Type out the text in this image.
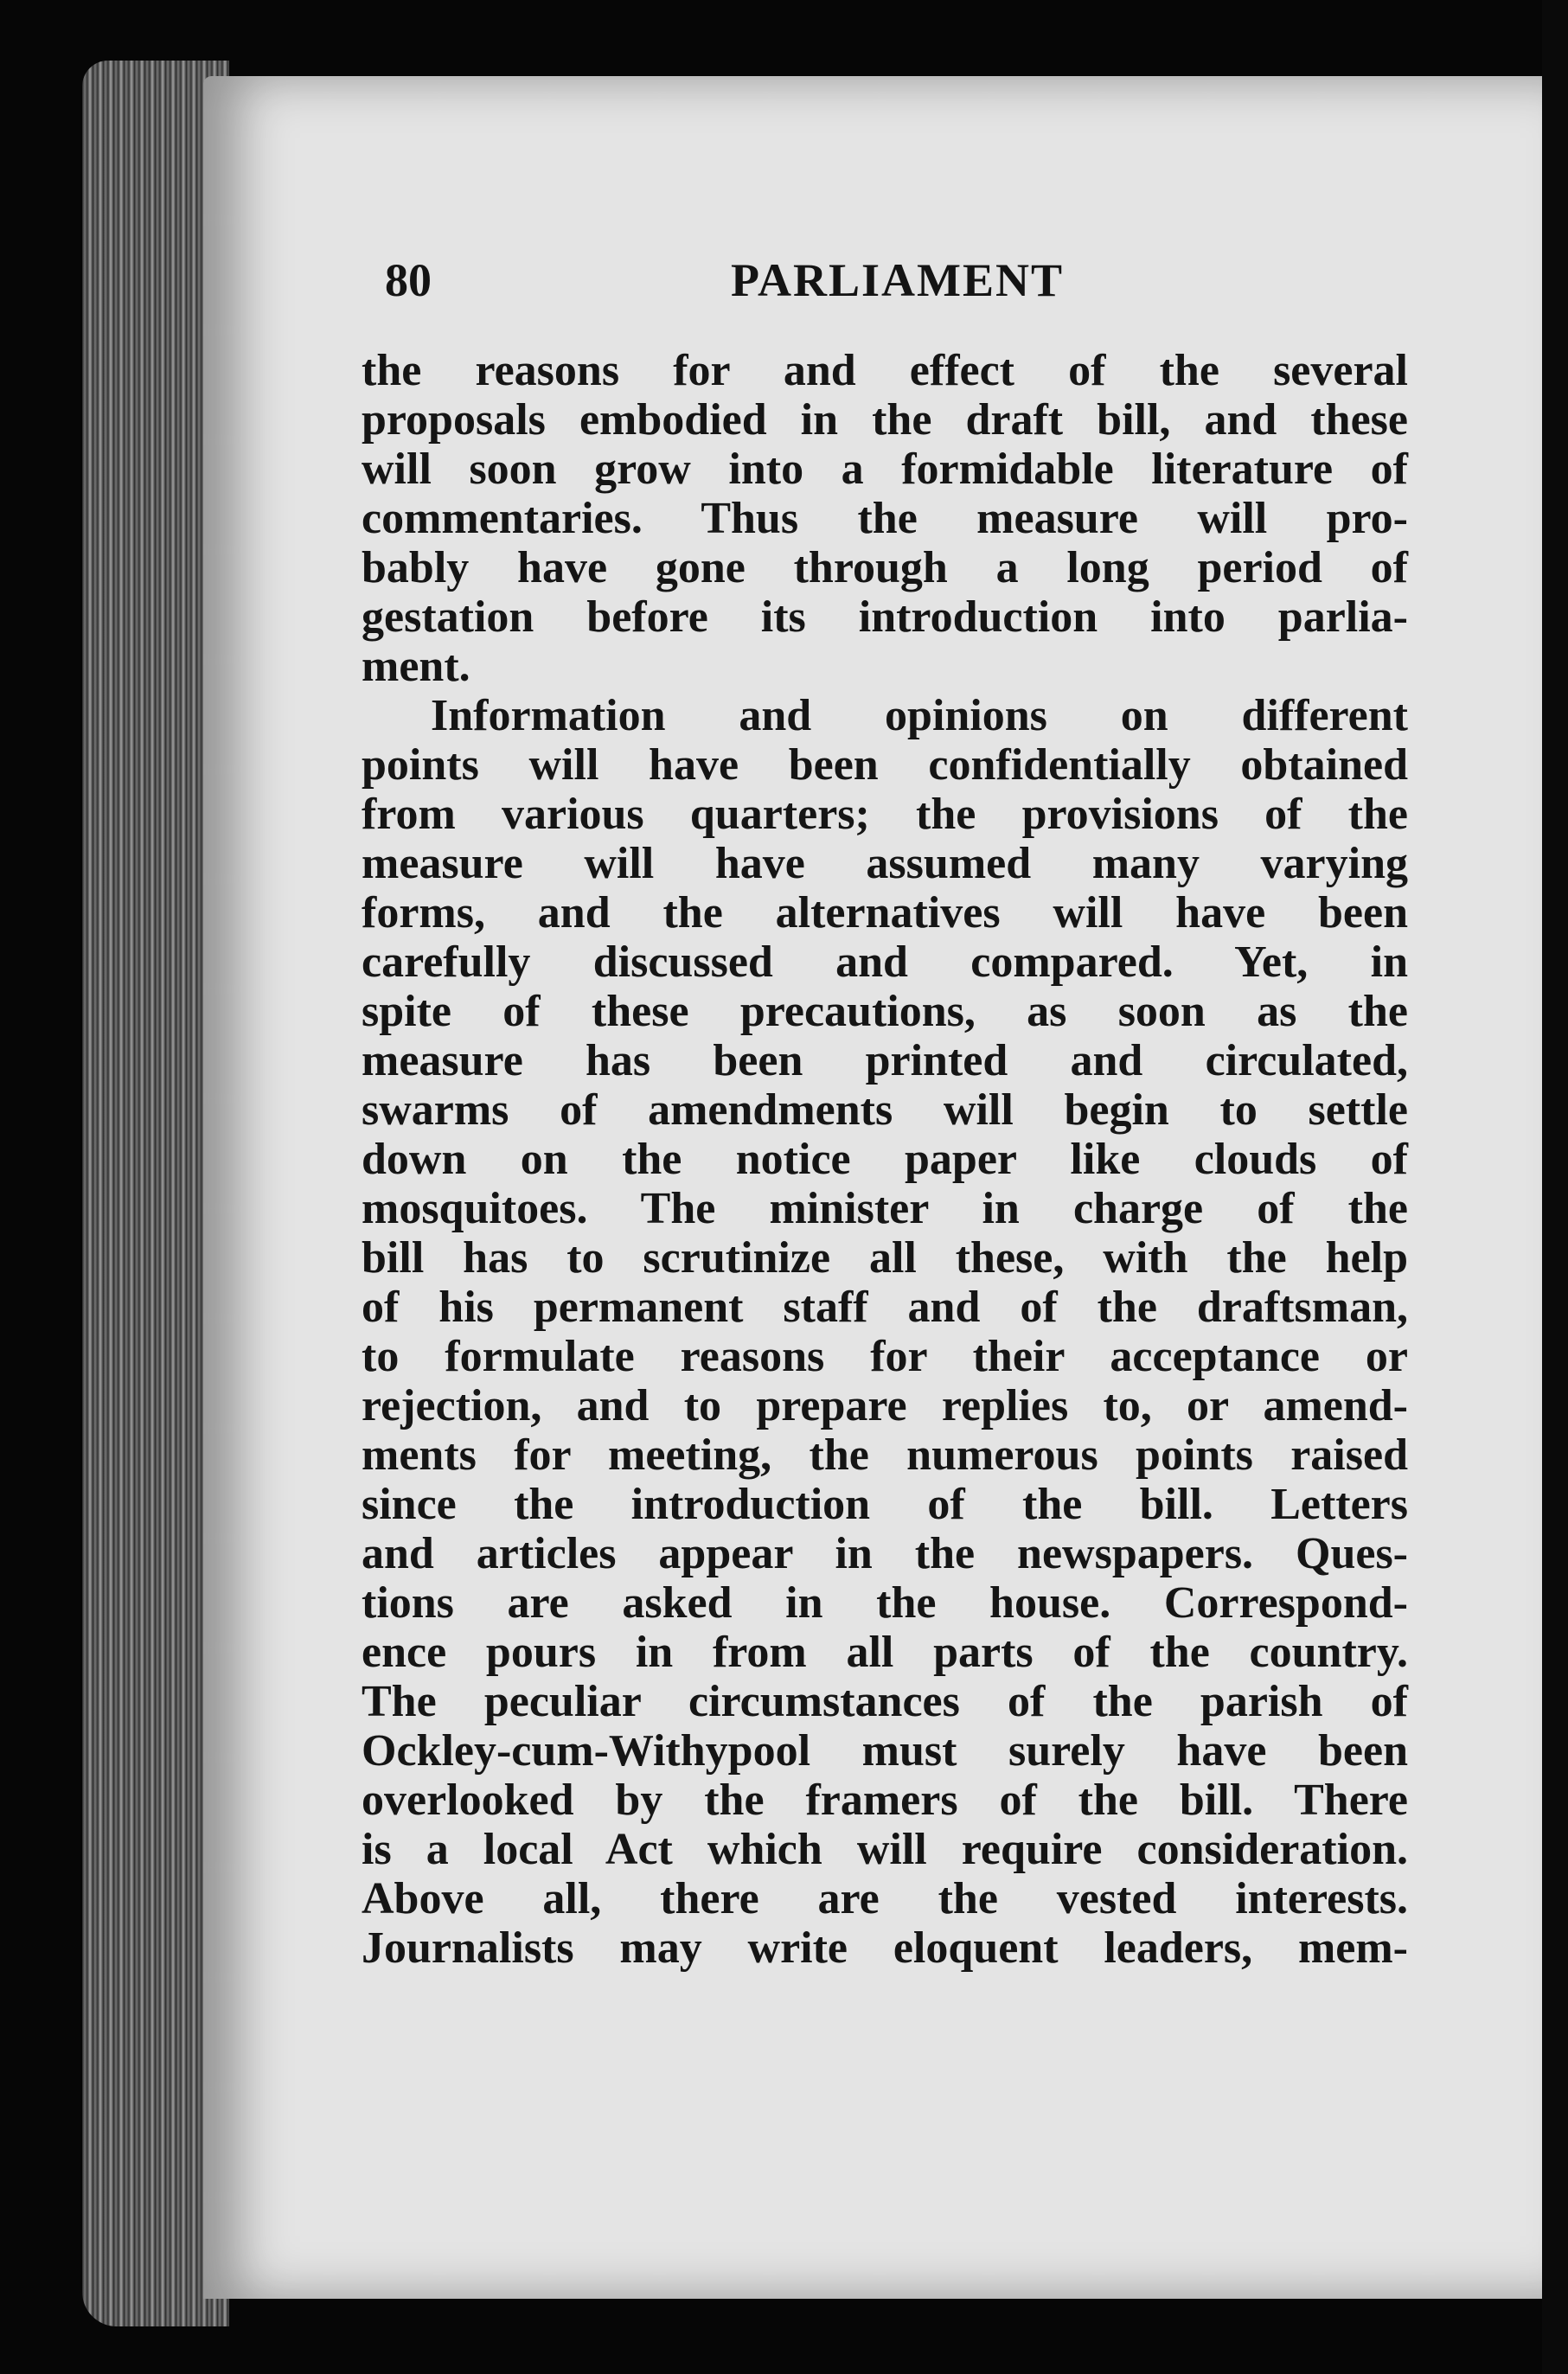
80	PARLIAMENT
the reasons for and effect of the several
proposals embodied in the draft bill, and these
will soon grow into a formidable literature of
commentaries. Thus the measure will pro-
bably have gone through a long period of
gestation before its introduction into parlia-
ment.
Information and opinions on different
points will have been confidentially obtained
from various quarters; the provisions of the
measure will have assumed many varying
forms, and the alternatives will have been
carefully discussed and compared. Yet, in
spite of these precautions, as soon as the
measure has been printed and circulated,
swarms of amendments will begin to settle
down on the notice paper like clouds of
mosquitoes. The minister in charge of the
bill has to scrutinize all these, with the help
of his permanent staff and of the draftsman,
to formulate reasons for their acceptance or
rejection, and to prepare replies to, or amend-
ments for meeting, the numerous points raised
since the introduction of the bill. Letters
and articles appear in the newspapers. Ques-
tions are asked in the house. Correspond-
ence pours in from all parts of the country.
The peculiar circumstances of the parish of
Ockley-cum-Withypool must surely have been
overlooked by the framers of the bill. There
is a local Act which will require consideration.
Above all, there are the vested interests.
Journalists may write eloquent leaders, mem-
